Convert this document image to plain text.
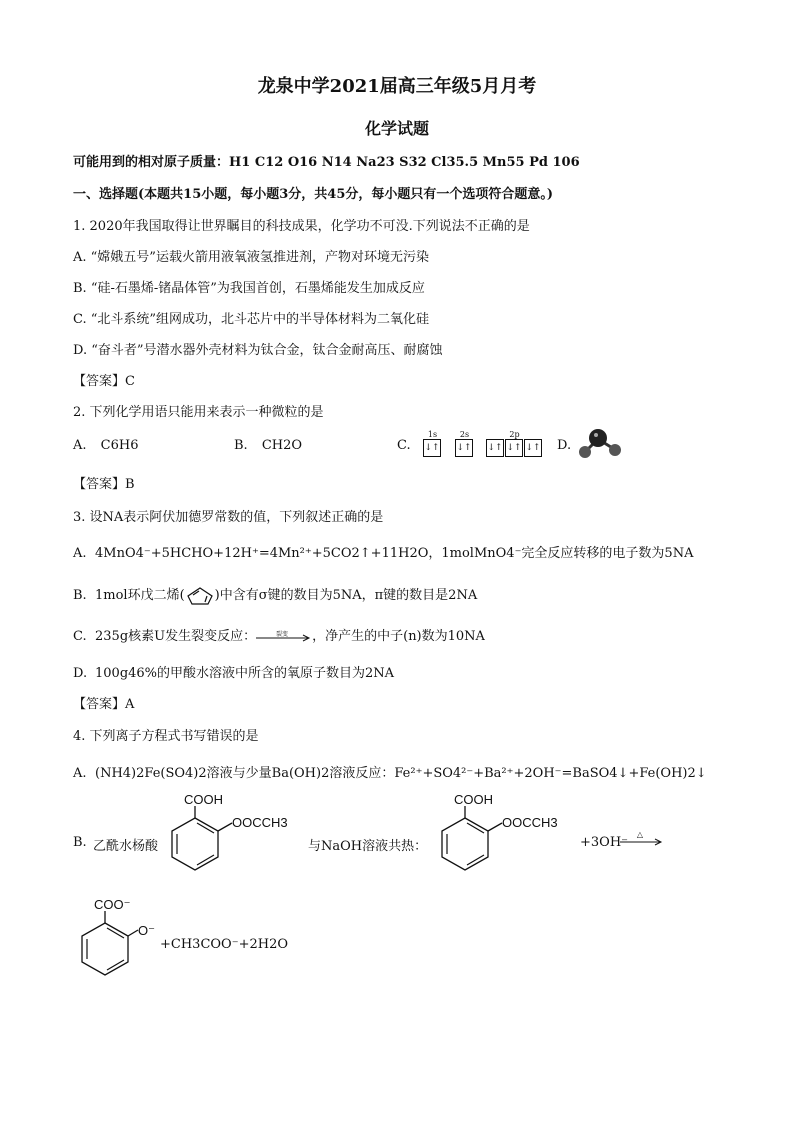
龙泉中学2021届高三年级5月月考
化学试题
可能用到的相对原子质量：H1 C12 O16 N14 Na23 S32 Cl35.5 Mn55 Pd 106
一、选择题(本题共15小题，每小题3分，共45分，每小题只有一个选项符合题意。)
1. 2020年我国取得让世界瞩目的科技成果，化学功不可没.下列说法不正确的是
A. “嫦娥五号”运载火箭用液氧液氢推进剂，产物对环境无污染
B. “硅-石墨烯-锗晶体管”为我国首创，石墨烯能发生加成反应
C. “北斗系统”组网成功，北斗芯片中的半导体材料为二氧化硅
D. “奋斗者”号潜水器外壳材料为钛合金，钛合金耐高压、耐腐蚀
【答案】C
2. 下列化学用语只能用来表示一种微粒的是
A. C6H6	B. CH2O	C.
1s
↓↑
2s
↓↑
2p
↓↑ ↓↑ ↓↑ D.
【答案】B
3. 设NA表示阿伏加德罗常数的值，下列叙述正确的是
A. 4MnO4⁻+5HCHO+12H⁺=4Mn²⁺+5CO2↑+11H2O，1molMnO4⁻完全反应转移的电子数为5NA
B. 1mol环戊二烯( )中含有σ键的数目为5NA，π键的数目是2NA
C. 235g核素U发生裂变反应：	裂变 ，净产生的中子(n)数为10NA
D. 100g46%的甲酸水溶液中所含的氧原子数目为2NA
【答案】A
4. 下列离子方程式书写错误的是
A. (NH4)2Fe(SO4)2溶液与少量Ba(OH)2溶液反应：Fe²⁺+SO4²⁻+Ba²⁺+2OH⁻=BaSO4↓+Fe(OH)2↓
B. 乙酰水杨酸
COOH
OOCCH3
与NaOH溶液共热：
COOH
OOCCH3
+3OH⁻
△
COO⁻
O⁻
+CH3COO⁻+2H2O
